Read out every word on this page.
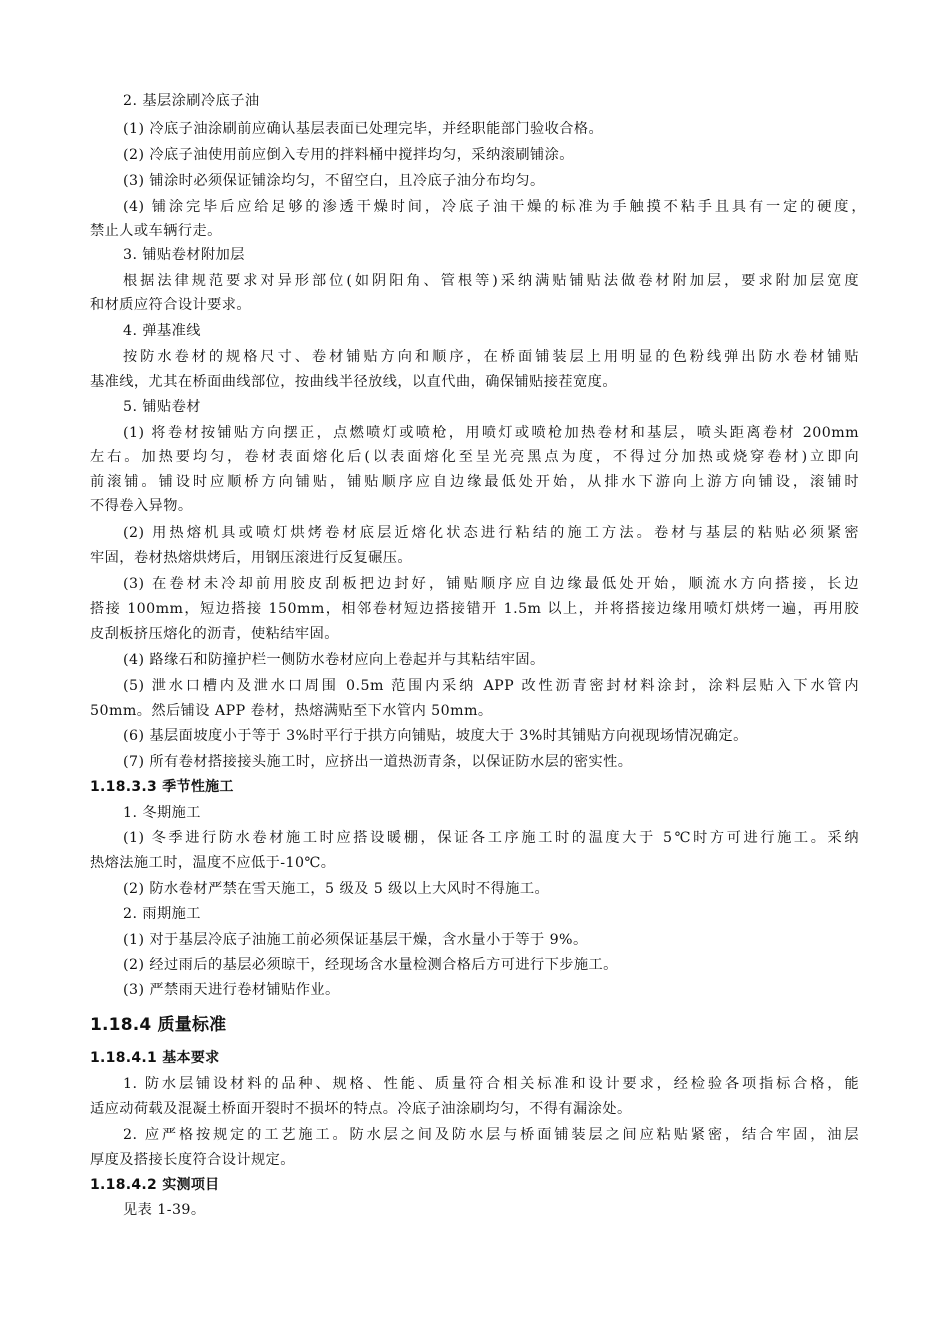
2. 基层涂刷冷底子油
(1) 冷底子油涂刷前应确认基层表面已处理完毕，并经职能部门验收合格。
(2) 冷底子油使用前应倒入专用的拌料桶中搅拌均匀，采纳滚刷铺涂。
(3) 铺涂时必须保证铺涂均匀，不留空白，且冷底子油分布均匀。
(4) 铺涂完毕后应给足够的渗透干燥时间，冷底子油干燥的标准为手触摸不粘手且具有一定的硬度，
禁止人或车辆行走。
3. 铺贴卷材附加层
根据法律规范要求对异形部位(如阴阳角、管根等)采纳满贴铺贴法做卷材附加层，要求附加层宽度
和材质应符合设计要求。
4. 弹基准线
按防水卷材的规格尺寸、卷材铺贴方向和顺序，在桥面铺装层上用明显的色粉线弹出防水卷材铺贴
基准线，尤其在桥面曲线部位，按曲线半径放线，以直代曲，确保铺贴接茬宽度。
5. 铺贴卷材
(1) 将卷材按铺贴方向摆正，点燃喷灯或喷枪，用喷灯或喷枪加热卷材和基层，喷头距离卷材 200mm
左右。加热要均匀，卷材表面熔化后(以表面熔化至呈光亮黑点为度，不得过分加热或烧穿卷材)立即向
前滚铺。铺设时应顺桥方向铺贴，铺贴顺序应自边缘最低处开始，从排水下游向上游方向铺设，滚铺时
不得卷入异物。
(2) 用热熔机具或喷灯烘烤卷材底层近熔化状态进行粘结的施工方法。卷材与基层的粘贴必须紧密
牢固，卷材热熔烘烤后，用钢压滚进行反复碾压。
(3) 在卷材未冷却前用胶皮刮板把边封好，铺贴顺序应自边缘最低处开始，顺流水方向搭接，长边
搭接 100mm，短边搭接 150mm，相邻卷材短边搭接错开 1.5m 以上，并将搭接边缘用喷灯烘烤一遍，再用胶
皮刮板挤压熔化的沥青，使粘结牢固。
(4) 路缘石和防撞护栏一侧防水卷材应向上卷起并与其粘结牢固。
(5) 泄水口槽内及泄水口周围 0.5m 范围内采纳 APP 改性沥青密封材料涂封，涂料层贴入下水管内
50mm。然后铺设 APP 卷材，热熔满贴至下水管内 50mm。
(6) 基层面坡度小于等于 3%时平行于拱方向铺贴，坡度大于 3%时其铺贴方向视现场情况确定。
(7) 所有卷材搭接接头施工时，应挤出一道热沥青条，以保证防水层的密实性。
1.18.3.3 季节性施工
1. 冬期施工
(1) 冬季进行防水卷材施工时应搭设暖棚，保证各工序施工时的温度大于 5℃时方可进行施工。采纳
热熔法施工时，温度不应低于-10℃。
(2) 防水卷材严禁在雪天施工，5 级及 5 级以上大风时不得施工。
2. 雨期施工
(1) 对于基层冷底子油施工前必须保证基层干燥，含水量小于等于 9%。
(2) 经过雨后的基层必须晾干，经现场含水量检测合格后方可进行下步施工。
(3) 严禁雨天进行卷材铺贴作业。
1.18.4 质量标准
1.18.4.1 基本要求
1. 防水层铺设材料的品种、规格、性能、质量符合相关标准和设计要求，经检验各项指标合格，能
适应动荷载及混凝土桥面开裂时不损坏的特点。冷底子油涂刷均匀，不得有漏涂处。
2. 应严格按规定的工艺施工。防水层之间及防水层与桥面铺装层之间应粘贴紧密，结合牢固，油层
厚度及搭接长度符合设计规定。
1.18.4.2 实测项目
见表 1-39。
